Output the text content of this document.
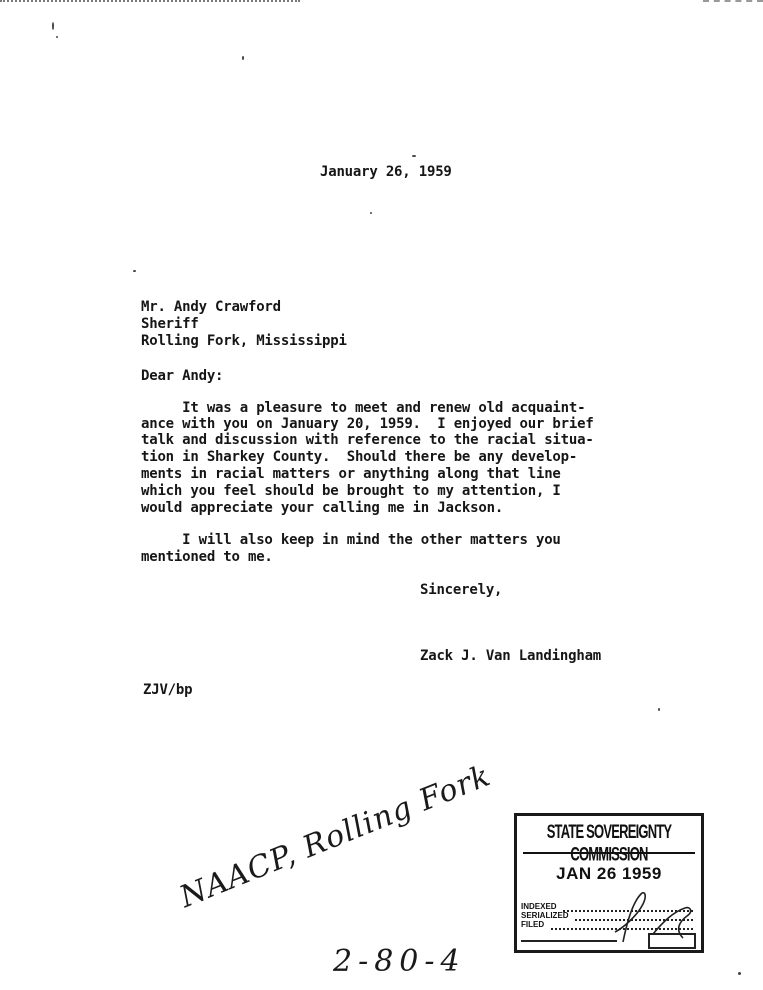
January 26, 1959
Mr. Andy Crawford
Sheriff
Rolling Fork, Mississippi
Dear Andy:
It was a pleasure to meet and renew old acquaint-
ance with you on January 20, 1959.  I enjoyed our brief
talk and discussion with reference to the racial situa-
tion in Sharkey County.  Should there be any develop-
ments in racial matters or anything along that line
which you feel should be brought to my attention, I
would appreciate your calling me in Jackson.
I will also keep in mind the other matters you
mentioned to me.
Sincerely,
Zack J. Van Landingham
ZJV/bp
NAACP, Rolling Fork
2-80-4
STATE SOVEREIGNTY COMMISSION
JAN 26 1959
INDEXED
SERIALIZED
FILED
